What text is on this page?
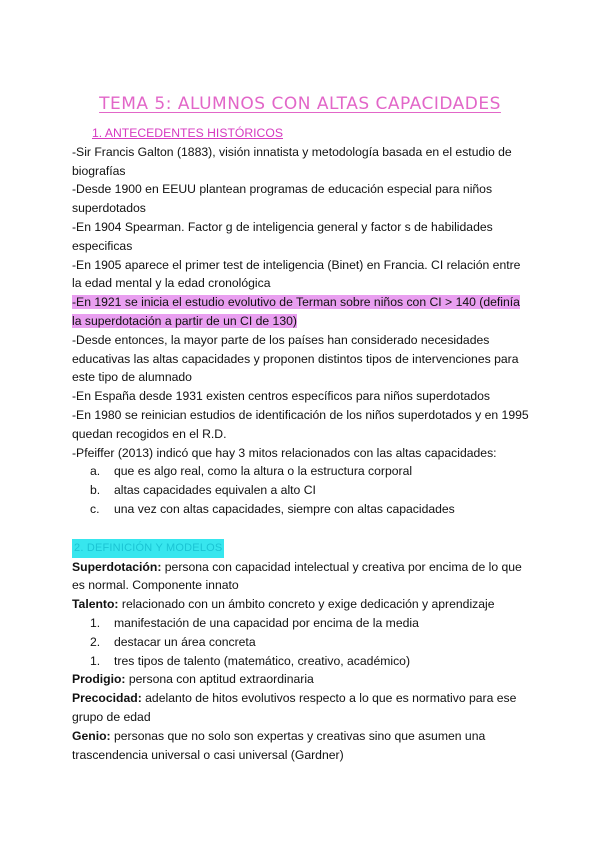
TEMA 5: ALUMNOS CON ALTAS CAPACIDADES

1. ANTECEDENTES HISTÓRICOS

-Sir Francis Galton (1883), visión innatista y metodología basada en el estudio de biografías

-Desde 1900 en EEUU plantean programas de educación especial para niños superdotados

-En 1904 Spearman. Factor g de inteligencia general y factor s de habilidades especificas

-En 1905 aparece el primer test de inteligencia (Binet) en Francia. CI relación entre la edad mental y la edad cronológica

-En 1921 se inicia el estudio evolutivo de Terman sobre niños con CI > 140 (definía la superdotación a partir de un CI de 130)

-Desde entonces, la mayor parte de los países han considerado necesidades educativas las altas capacidades y proponen distintos tipos de intervenciones para este tipo de alumnado

-En España desde 1931 existen centros específicos para niños superdotados

-En 1980 se reinician estudios de identificación de los niños superdotados y en 1995 quedan recogidos en el R.D.

-Pfeiffer (2013) indicó que hay 3 mitos relacionados con las altas capacidades:

a. que es algo real, como la altura o la estructura corporal
b. altas capacidades equivalen a alto CI
c. una vez con altas capacidades, siempre con altas capacidades
2. DEFINICIÓN Y MODELOS

Superdotación: persona con capacidad intelectual y creativa por encima de lo que es normal. Componente innato

Talento: relacionado con un ámbito concreto y exige dedicación y aprendizaje

1. manifestación de una capacidad por encima de la media
2. destacar un área concreta
1. tres tipos de talento (matemático, creativo, académico)

Prodigio: persona con aptitud extraordinaria

Precocidad: adelanto de hitos evolutivos respecto a lo que es normativo para ese grupo de edad

Genio: personas que no solo son expertas y creativas sino que asumen una trascendencia universal o casi universal (Gardner)
